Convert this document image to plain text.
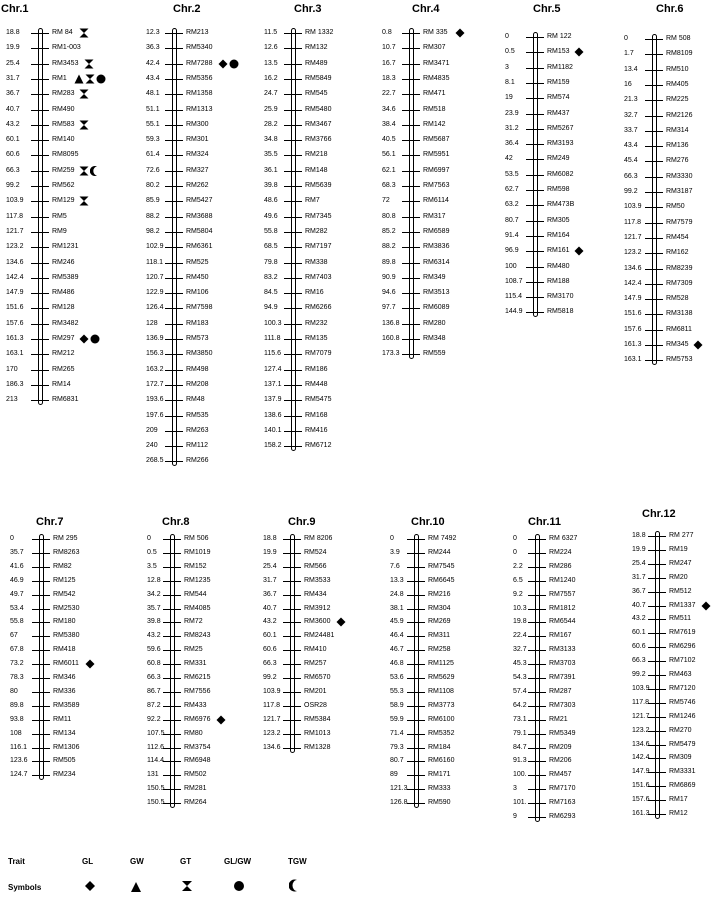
Chr.1
18.8	RM 84
19.9	RM1-003
25.4	RM3453
31.7	RM1
36.7	RM283
40.7	RM490
43.2	RM583
60.1	RM140
60.6	RM8095
66.3	RM259
99.2	RM562
103.9	RM129
117.8	RM5
121.7	RM9
123.2	RM1231
134.6	RM246
142.4	RM5389
147.9	RM486
151.6	RM128
157.6	RM3482
161.3	RM297
163.1	RM212
170	RM265
186.3	RM14
213	RM6831
Chr.2
12.3	RM213
36.3	RM5340
42.4	RM7288
43.4	RM5356
48.1	RM1358
51.1	RM1313
55.1	RM300
59.3	RM301
61.4	RM324
72.6	RM327
80.2	RM262
85.9	RM5427
88.2	RM3688
98.2	RM5804
102.9	RM6361
118.1	RM525
120.7	RM450
122.9	RM106
126.4	RM7598
128	RM183
136.9	RM573
156.3	RM3850
163.2	RM498
172.7	RM208
193.6	RM48
197.6	RM535
209	RM263
240	RM112
268.5	RM266
Chr.3
11.5	RM 1332
12.6	RM132
13.5	RM489
16.2	RM5849
24.7	RM545
25.9	RM5480
28.2	RM3467
34.8	RM3766
35.5	RM218
36.1	RM148
39.8	RM5639
48.6	RM7
49.6	RM7345
55.8	RM282
68.5	RM7197
79.8	RM338
83.2	RM7403
84.5	RM16
94.9	RM6266
100.3	RM232
111.8	RM135
115.6	RM7079
127.4	RM186
137.1	RM448
137.9	RM5475
138.6	RM168
140.1	RM416
158.2	RM6712
Chr.4
0.8	RM 335
10.7	RM307
16.7	RM3471
18.3	RM4835
22.7	RM471
34.6	RM518
38.4	RM142
40.5	RM5687
56.1	RM5951
62.1	RM6997
68.3	RM7563
72	RM6114
80.8	RM317
85.2	RM6589
88.2	RM3836
89.8	RM6314
90.9	RM349
94.6	RM3513
97.7	RM6089
136.8	RM280
160.8	RM348
173.3	RM559
Chr.5
0	RM 122
0.5	RM153
3	RM1182
8.1	RM159
19	RM574
23.9	RM437
31.2	RM5267
36.4	RM3193
42	RM249
53.5	RM6082
62.7	RM598
63.2	RM473B
80.7	RM305
91.4	RM164
96.9	RM161
100	RM480
108.7	RM188
115.4	RM3170
144.9	RM5818
Chr.6
0	RM 508
1.7	RM8109
13.4	RM510
16	RM405
21.3	RM225
32.7	RM2126
33.7	RM314
43.4	RM136
45.4	RM276
66.3	RM3330
99.2	RM3187
103.9	RM50
117.8	RM7579
121.7	RM454
123.2	RM162
134.6	RM8239
142.4	RM7309
147.9	RM528
151.6	RM3138
157.6	RM6811
161.3	RM345
163.1	RM5753
Chr.7
0	RM 295
35.7	RM8263
41.6	RM82
46.9	RM125
49.7	RM542
53.4	RM2530
55.8	RM180
67	RM5380
67.8	RM418
73.2	RM6011
78.3	RM346
80	RM336
89.8	RM3589
93.8	RM11
108	RM134
116.1	RM1306
123.6	RM505
124.7	RM234
Chr.8
0	RM 506
0.5	RM1019
3.5	RM152
12.8	RM1235
34.2	RM544
35.7	RM4085
39.8	RM72
43.2	RM8243
59.6	RM25
60.8	RM331
66.3	RM6215
86.7	RM7556
87.2	RM433
92.2	RM6976
107.5	RM80
112.6	RM3754
114.4	RM6948
131	RM502
150.5	RM281
150.5	RM264
Chr.9
18.8	RM 8206
19.9	RM524
25.4	RM566
31.7	RM3533
36.7	RM434
40.7	RM3912
43.2	RM3600
60.1	RM24481
60.6	RM410
66.3	RM257
99.2	RM6570
103.9	RM201
117.8	OSR28
121.7	RM5384
123.2	RM1013
134.6	RM1328
Chr.10
0	RM 7492
3.9	RM244
7.6	RM7545
13.3	RM6645
24.8	RM216
38.1	RM304
45.9	RM269
46.4	RM311
46.7	RM258
46.8	RM1125
53.6	RM5629
55.3	RM1108
58.9	RM3773
59.9	RM6100
71.4	RM5352
79.3	RM184
80.7	RM6160
89	RM171
121.3	RM333
126.8	RM590
Chr.11
0	RM 6327
0	RM224
2.2	RM286
6.5	RM1240
9.2	RM7557
10.3	RM1812
19.8	RM6544
22.4	RM167
32.7	RM3133
45.3	RM3703
54.3	RM7391
57.4	RM287
64.2	RM7303
73.1	RM21
79.1	RM5349
84.7	RM209
91.3	RM206
100.	RM457
3	RM7170
101.	RM7163
9	RM6293
Chr.12
18.8	RM 277
19.9	RM19
25.4	RM247
31.7	RM20
36.7	RM512
40.7	RM1337
43.2	RM511
60.1	RM7619
60.6	RM6296
66.3	RM7102
99.2	RM463
103.9	RM7120
117.8	RM5746
121.7	RM1246
123.2	RM270
134.6	RM5479
142.4	RM309
147.9	RM3331
151.6	RM6869
157.6	RM17
161.3	RM12
Trait
Symbols
GL	GW	GT	GL/GW	TGW
